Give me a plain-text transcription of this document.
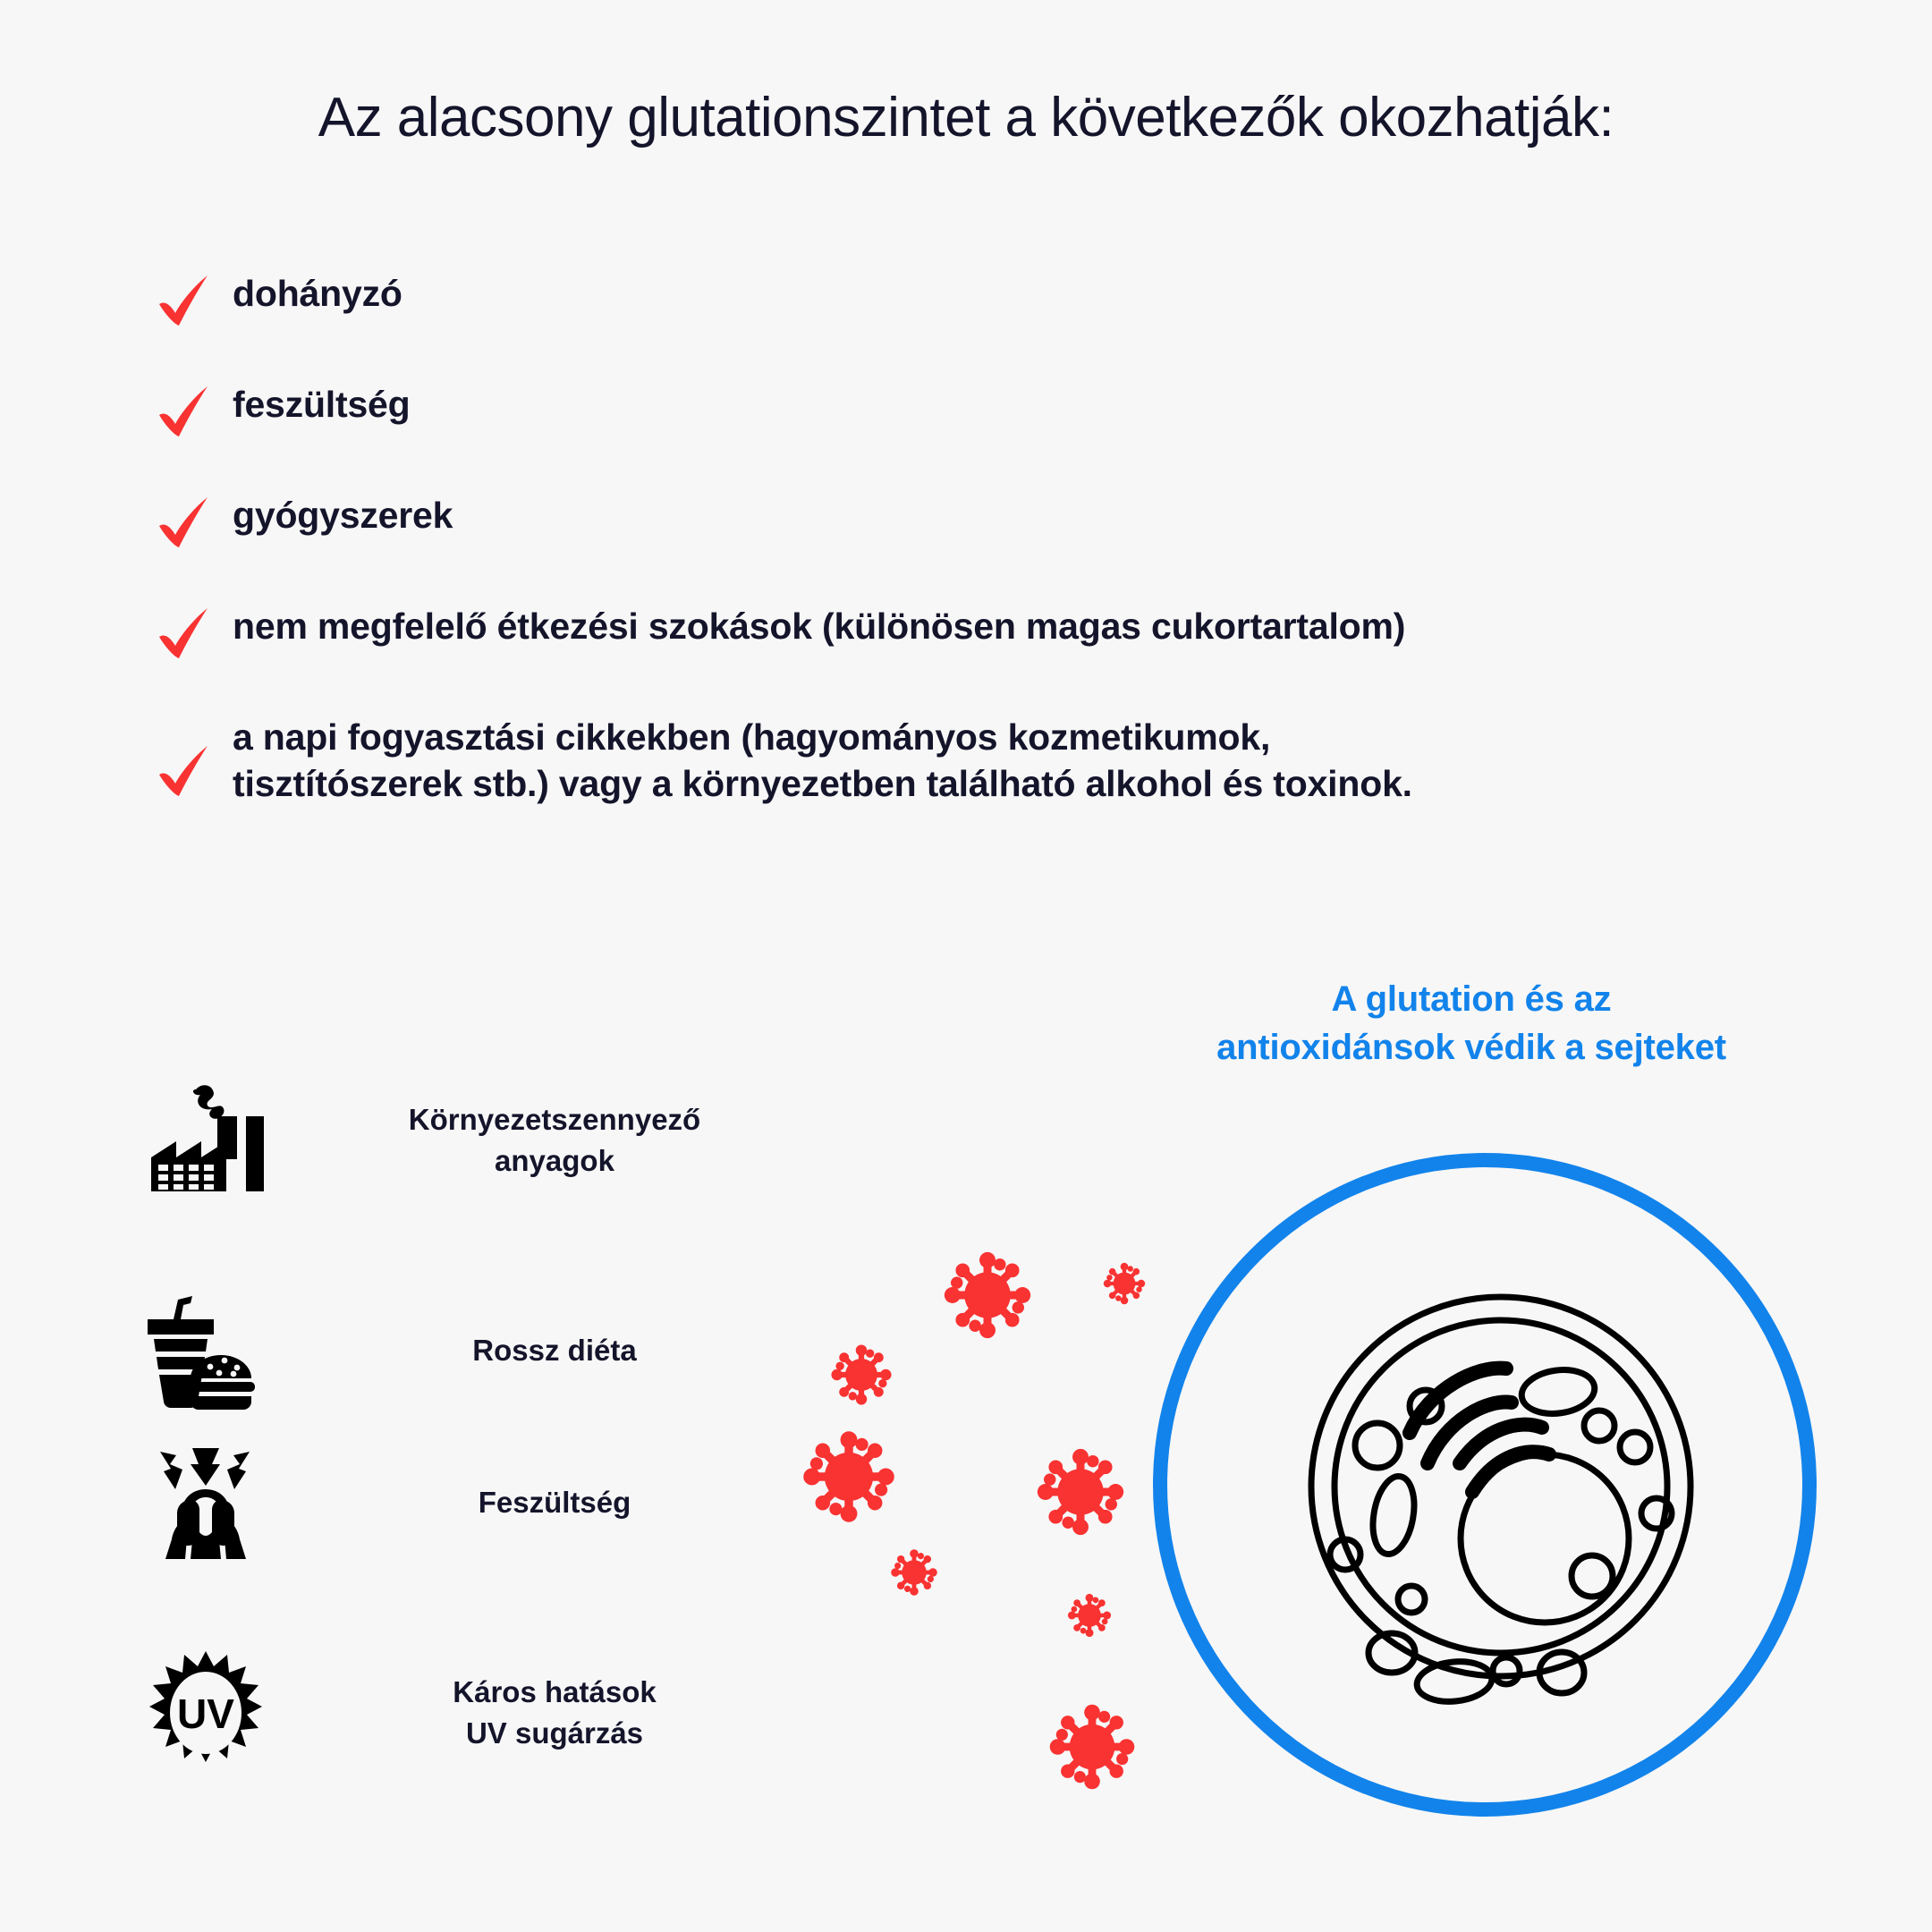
Az alacsony glutationszintet a következők okozhatják:
dohányzó
feszültség
gyógyszerek
nem megfelelő étkezési szokások (különösen magas cukortartalom)
a napi fogyasztási cikkekben (hagyományos kozmetikumok,
tisztítószerek stb.) vagy a környezetben található alkohol és toxinok.
A glutation és az
antioxidánsok védik a sejteket
Környezetszennyező
anyagok
Rossz diéta
Feszültség
UV	Káros hatások
UV sugárzás
